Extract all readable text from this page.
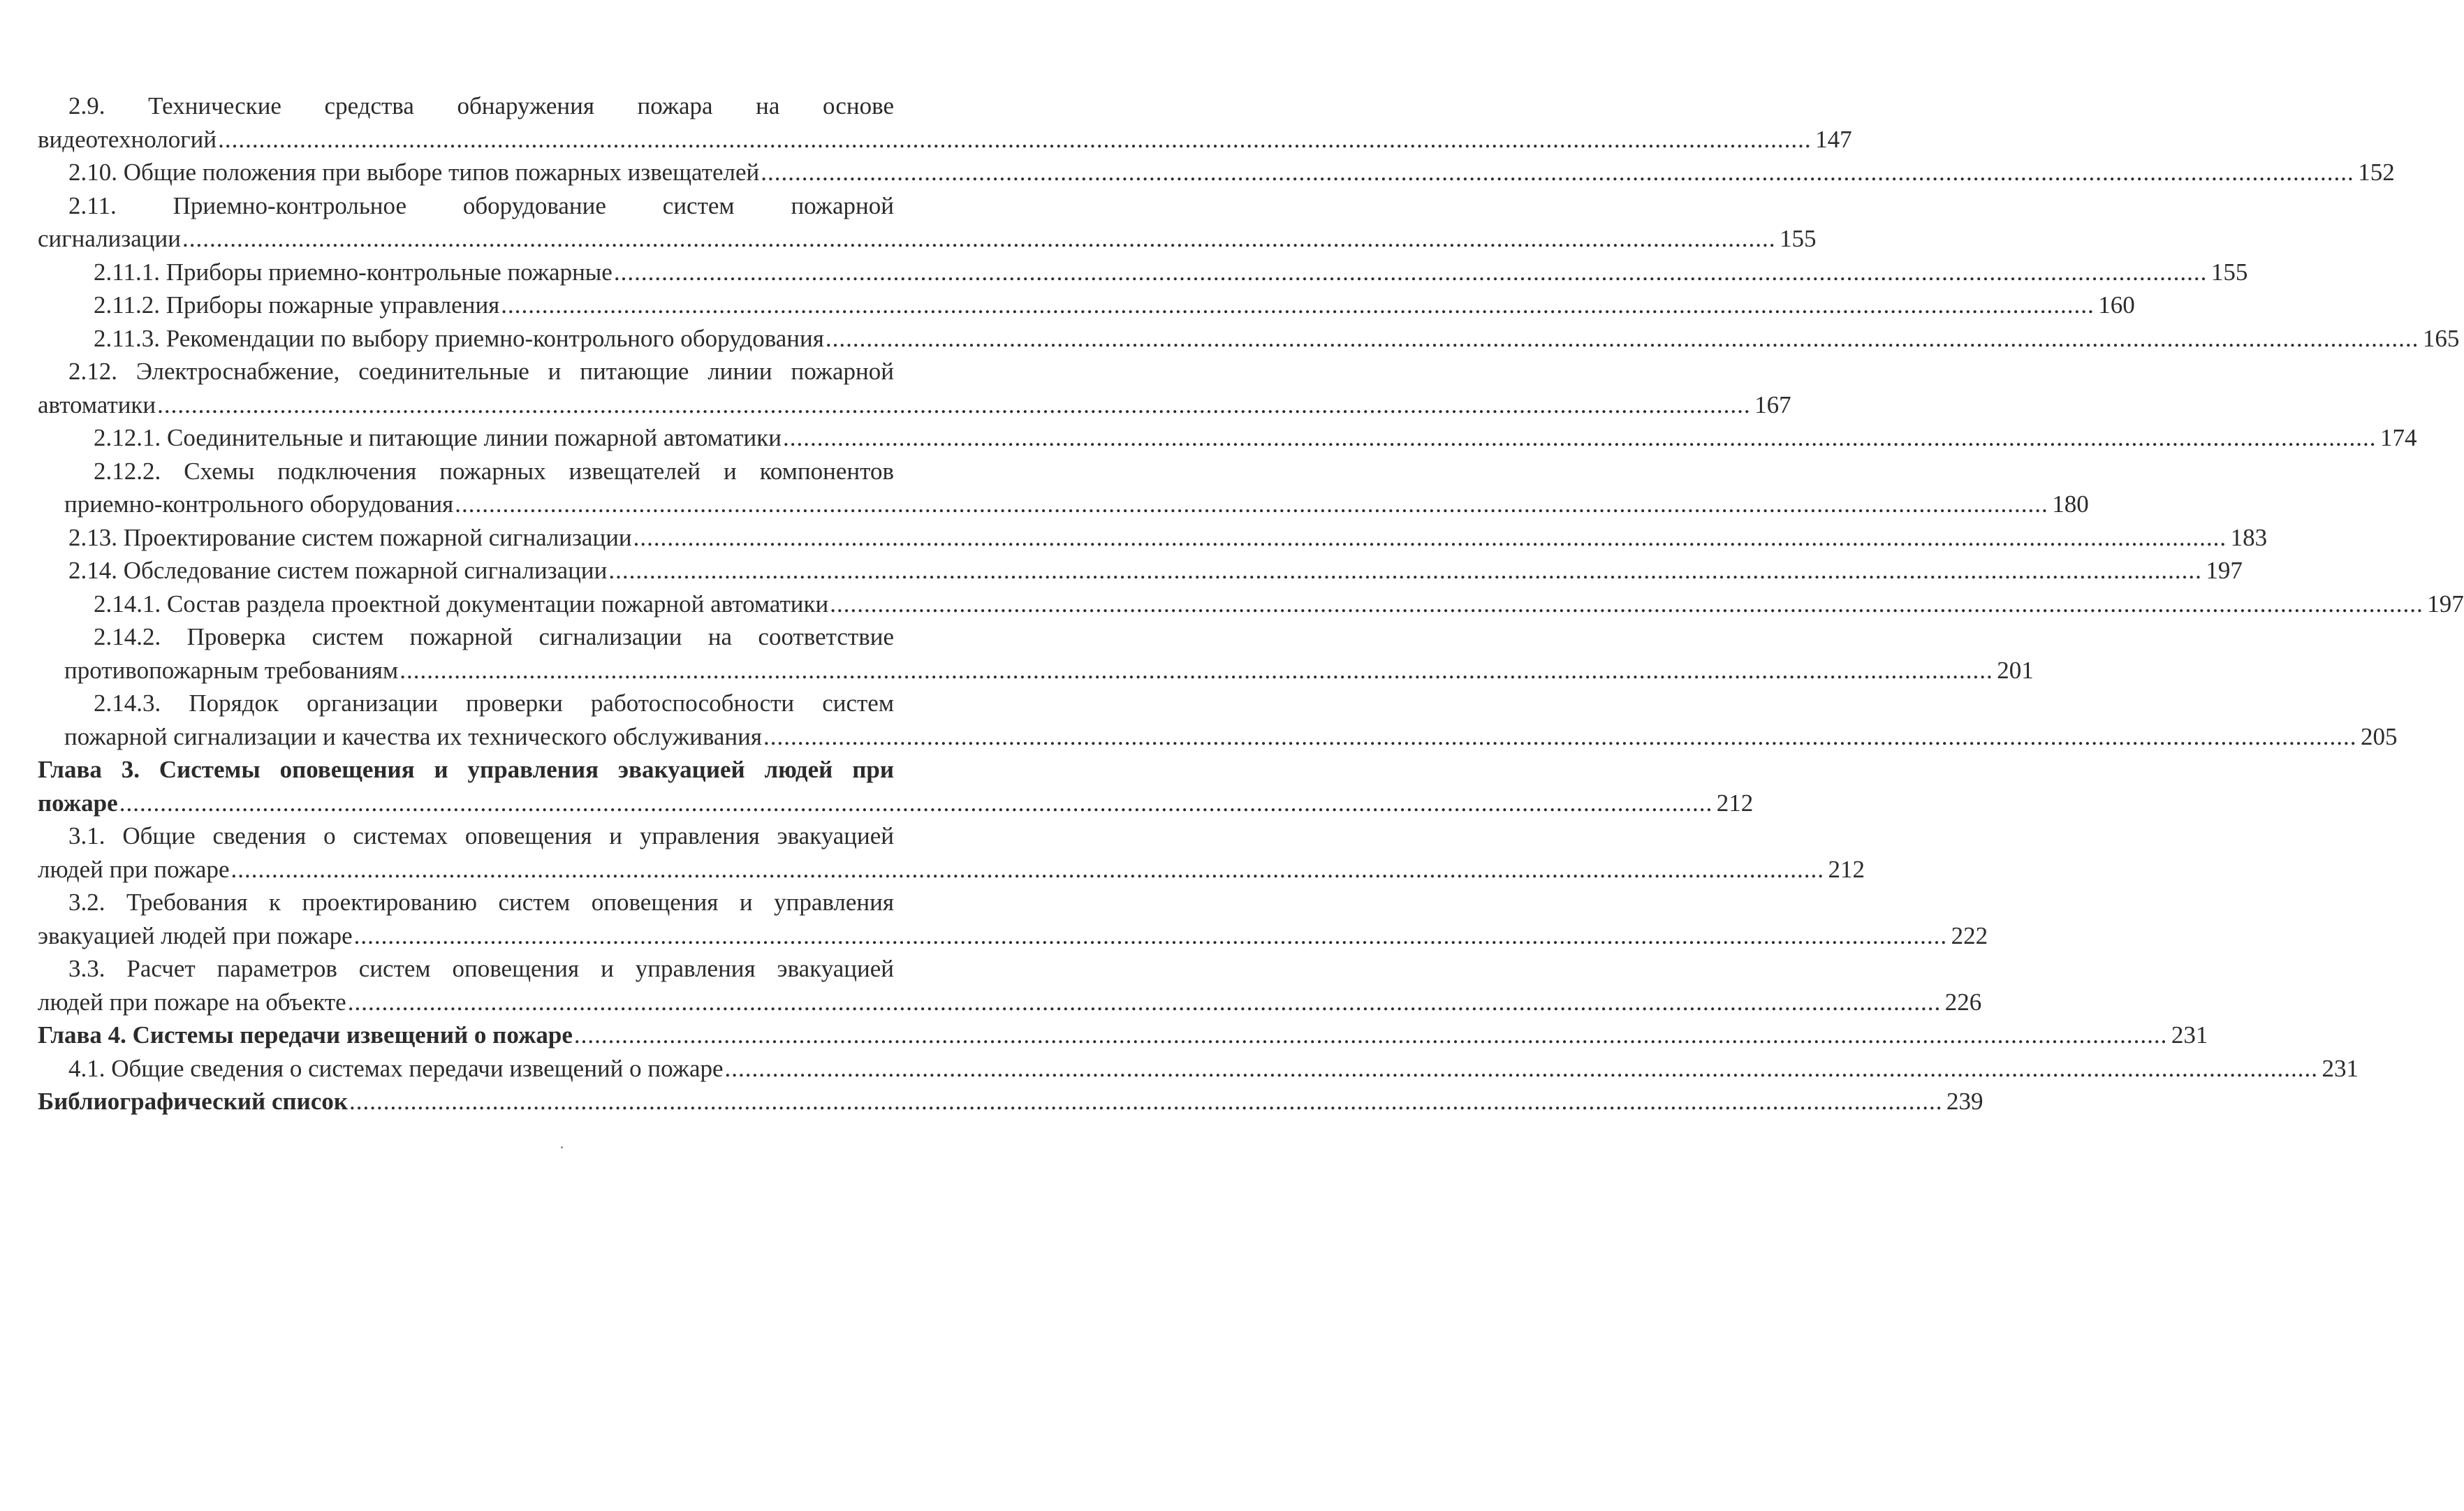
2.9. Технические средства обнаружения пожара на основе
видеотехнологий .....	147
2.10. Общие положения при выборе типов пожарных извещателей .....	152
2.11. Приемно-контрольное оборудование систем пожарной
сигнализации .....	155
2.11.1. Приборы приемно-контрольные пожарные .....	155
2.11.2. Приборы пожарные управления .....	160
2.11.3. Рекомендации по выбору приемно-контрольного оборудования .....	165
2.12. Электроснабжение, соединительные и питающие линии пожарной
автоматики .....	167
2.12.1. Соединительные и питающие линии пожарной автоматики .....	174
2.12.2. Схемы подключения пожарных извещателей и компонентов
приемно-контрольного оборудования .....	180
2.13. Проектирование систем пожарной сигнализации .....	183
2.14. Обследование систем пожарной сигнализации .....	197
2.14.1. Состав раздела проектной документации пожарной автоматики .....	197
2.14.2. Проверка систем пожарной сигнализации на соответствие
противопожарным требованиям .....	201
2.14.3. Порядок организации проверки работоспособности систем
пожарной сигнализации и качества их технического обслуживания .....	205
Глава 3. Системы оповещения и управления эвакуацией людей при
пожаре .....	212
3.1. Общие сведения о системах оповещения и управления эвакуацией
людей при пожаре .....	212
3.2. Требования к проектированию систем оповещения и управления
эвакуацией людей при пожаре .....	222
3.3. Расчет параметров систем оповещения и управления эвакуацией
людей при пожаре на объекте .....	226
Глава 4. Системы передачи извещений о пожаре .....	231
4.1. Общие сведения о системах передачи извещений о пожаре .....	231
Библиографический список .....	239
